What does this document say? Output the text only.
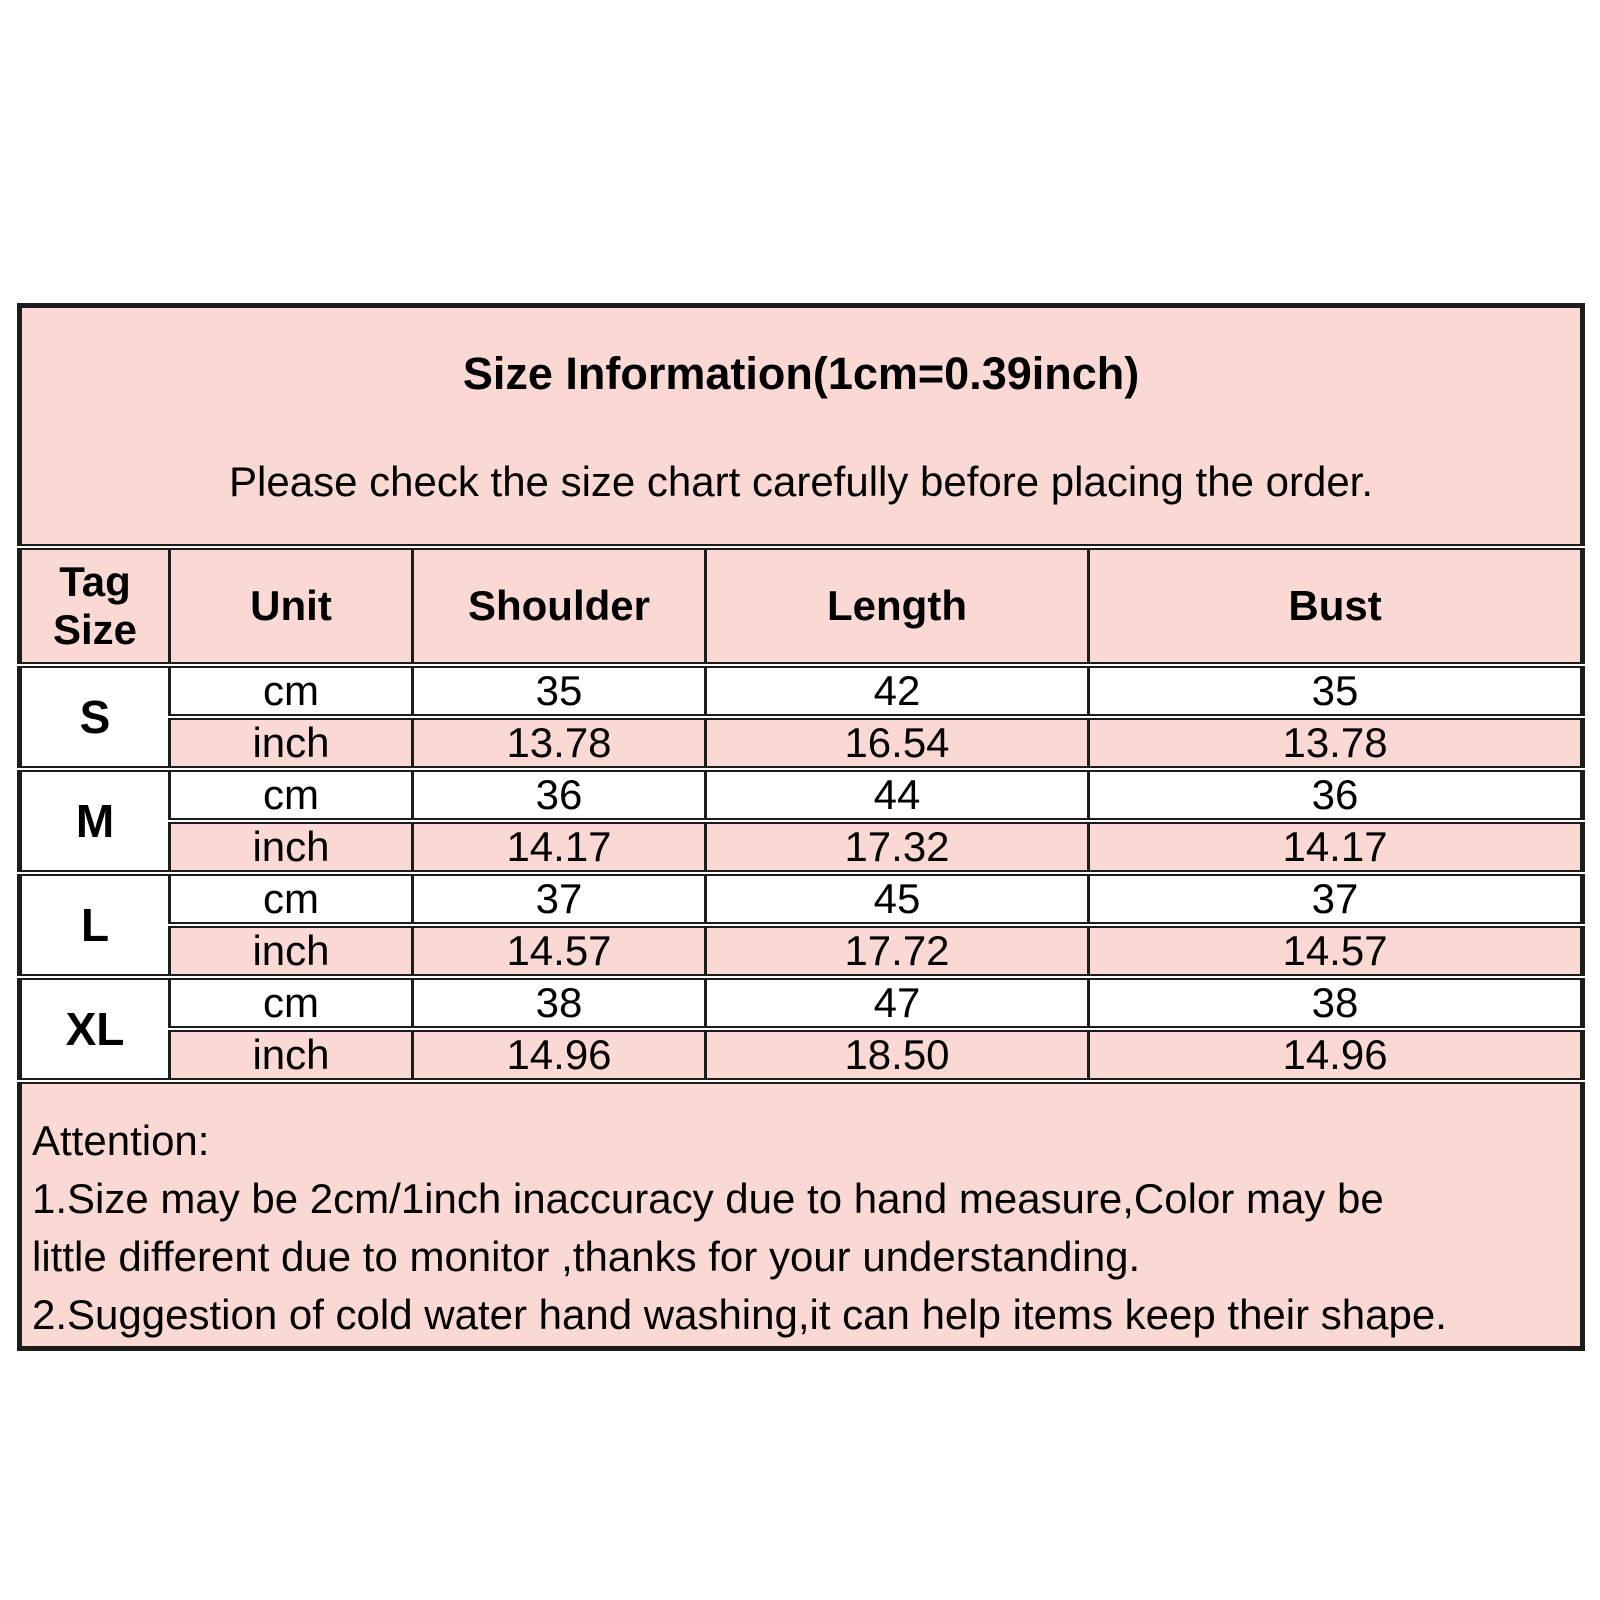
Size Information(1cm=0.39inch)
Please check the size chart carefully before placing the order.				

Tag
Size	Unit	Shoulder	Length	Bust
S	cm	35	42	35
	inch	13.78	16.54	13.78
M	cm	36	44	36
	inch	14.17	17.32	14.17
L	cm	37	45	37
	inch	14.57	17.72	14.57
XL	cm	38	47	38
	inch	14.96	18.50	14.96

Attention:
1.Size may be 2cm/1inch inaccuracy due to hand measure,Color may be
little different due to monitor ,thanks for your understanding.
2.Suggestion of cold water hand washing,it can help items keep their shape.				
